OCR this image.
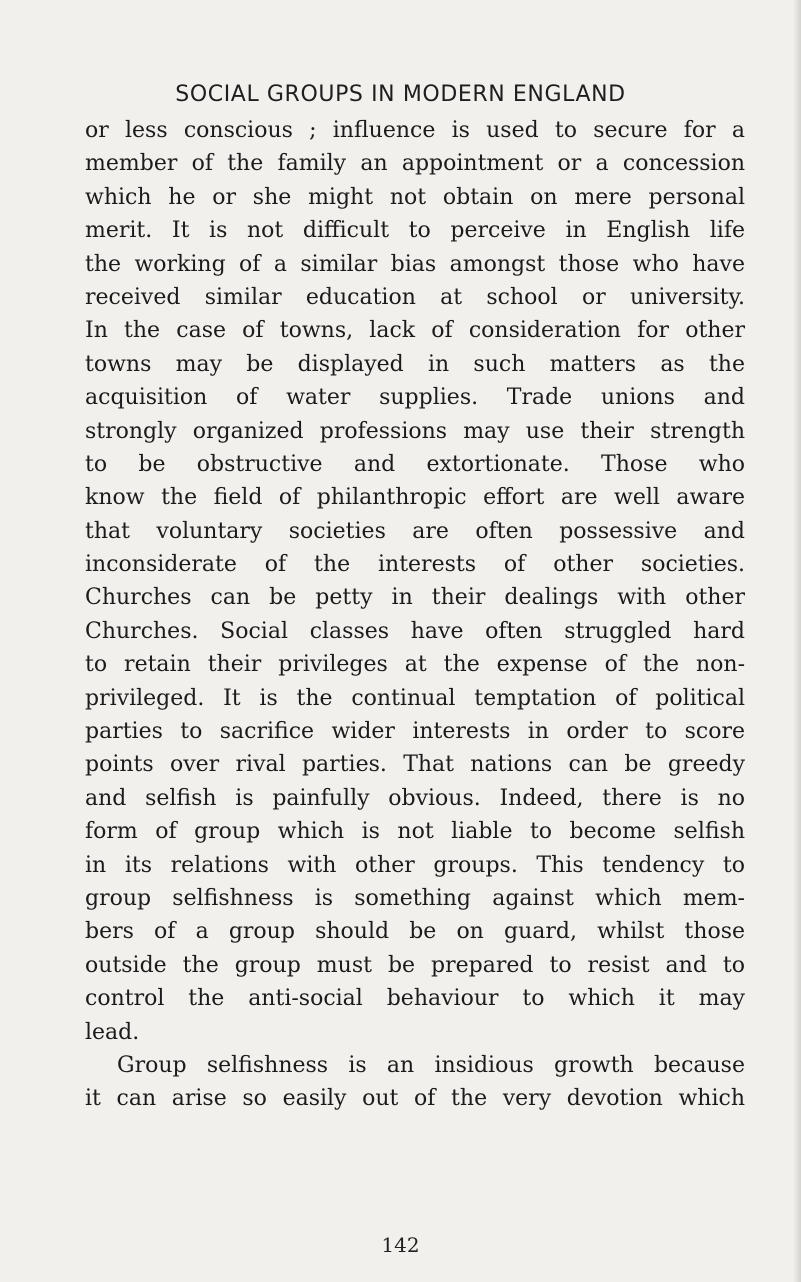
SOCIAL GROUPS IN MODERN ENGLAND
or less conscious ; influence is used to secure for a
member of the family an appointment or a concession
which he or she might not obtain on mere personal
merit. It is not difficult to perceive in English life
the working of a similar bias amongst those who have
received similar education at school or university.
In the case of towns, lack of consideration for other
towns may be displayed in such matters as the
acquisition of water supplies. Trade unions and
strongly organized professions may use their strength
to be obstructive and extortionate. Those who
know the field of philanthropic effort are well aware
that voluntary societies are often possessive and
inconsiderate of the interests of other societies.
Churches can be petty in their dealings with other
Churches. Social classes have often struggled hard
to retain their privileges at the expense of the non-
privileged. It is the continual temptation of political
parties to sacrifice wider interests in order to score
points over rival parties. That nations can be greedy
and selfish is painfully obvious. Indeed, there is no
form of group which is not liable to become selfish
in its relations with other groups. This tendency to
group selfishness is something against which mem-
bers of a group should be on guard, whilst those
outside the group must be prepared to resist and to
control the anti-social behaviour to which it may
lead.
Group selfishness is an insidious growth because
it can arise so easily out of the very devotion which
142
